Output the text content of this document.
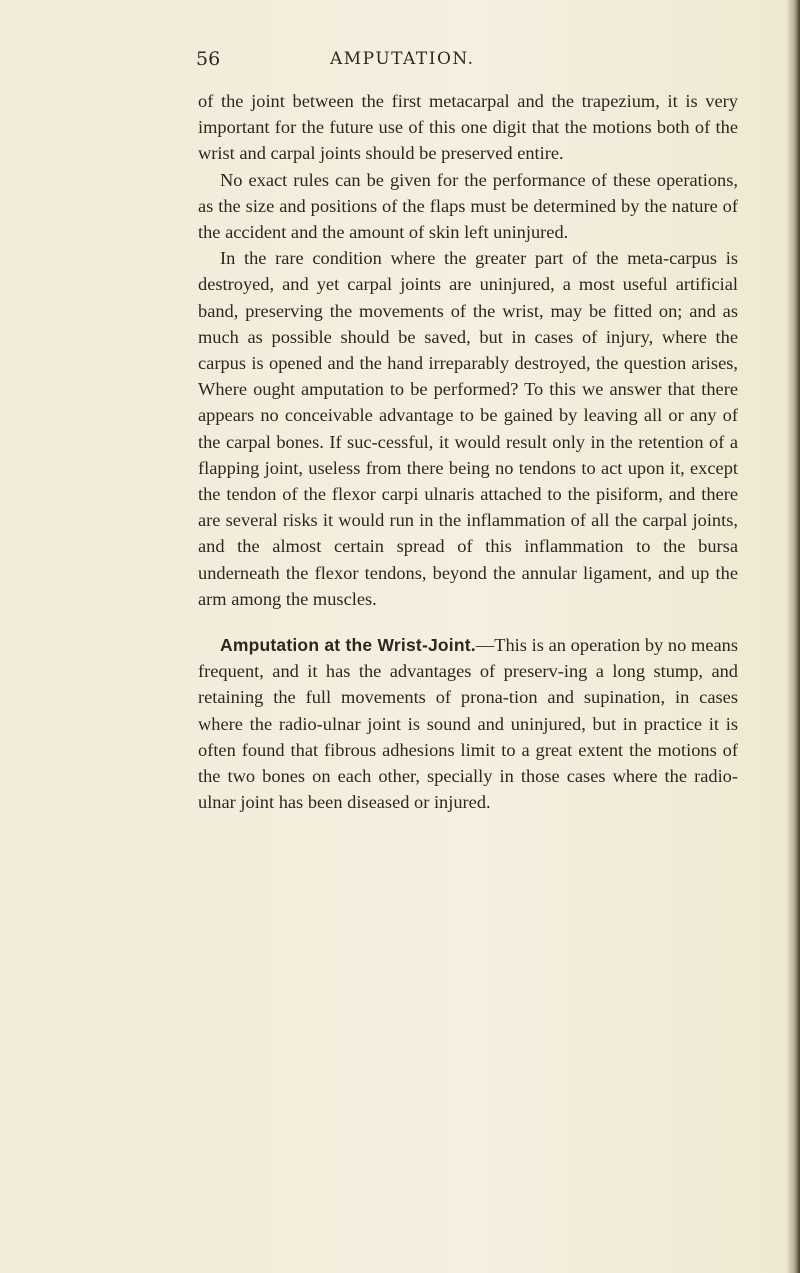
56	AMPUTATION.

of the joint between the first metacarpal and the trapezium, it is very important for the future use of this one digit that the motions both of the wrist and carpal joints should be preserved entire.

No exact rules can be given for the performance of these operations, as the size and positions of the flaps must be determined by the nature of the accident and the amount of skin left uninjured.

In the rare condition where the greater part of the meta-carpus is destroyed, and yet carpal joints are uninjured, a most useful artificial band, preserving the movements of the wrist, may be fitted on; and as much as possible should be saved, but in cases of injury, where the carpus is opened and the hand irreparably destroyed, the question arises, Where ought amputation to be performed? To this we answer that there appears no conceivable advantage to be gained by leaving all or any of the carpal bones. If suc-cessful, it would result only in the retention of a flapping joint, useless from there being no tendons to act upon it, except the tendon of the flexor carpi ulnaris attached to the pisiform, and there are several risks it would run in the inflammation of all the carpal joints, and the almost certain spread of this inflammation to the bursa underneath the flexor tendons, beyond the annular ligament, and up the arm among the muscles.

Amputation at the Wrist-Joint.—This is an operation by no means frequent, and it has the advantages of preserv-ing a long stump, and retaining the full movements of prona-tion and supination, in cases where the radio-ulnar joint is sound and uninjured, but in practice it is often found that fibrous adhesions limit to a great extent the motions of the two bones on each other, specially in those cases where the radio-ulnar joint has been diseased or injured.
